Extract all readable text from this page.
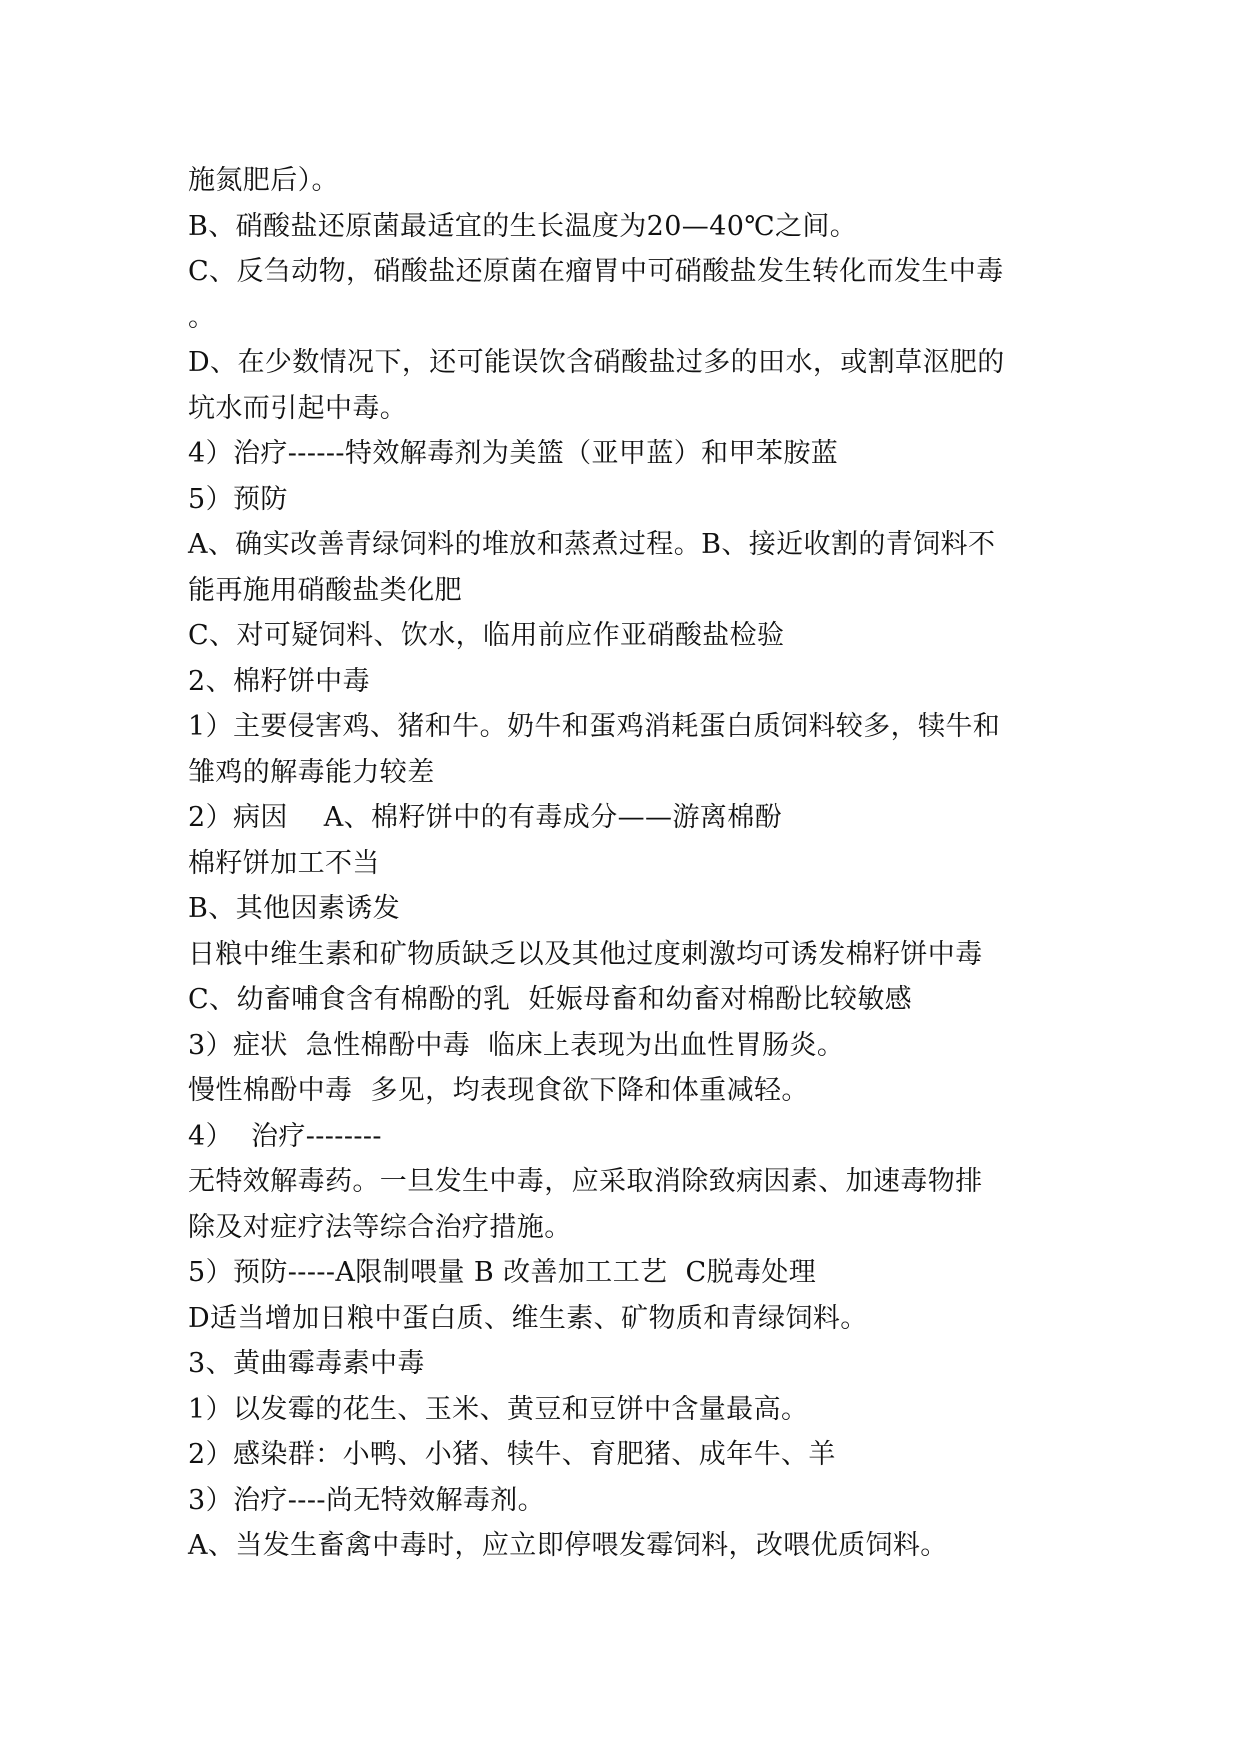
施氮肥后）。
B、硝酸盐还原菌最适宜的生长温度为20—40℃之间。
C、反刍动物，硝酸盐还原菌在瘤胃中可硝酸盐发生转化而发生中毒
。
D、在少数情况下，还可能误饮含硝酸盐过多的田水，或割草沤肥的
坑水而引起中毒。
4）治疗------特效解毒剂为美篮（亚甲蓝）和甲苯胺蓝
5）预防
A、确实改善青绿饲料的堆放和蒸煮过程。B、接近收割的青饲料不
能再施用硝酸盐类化肥
C、对可疑饲料、饮水，临用前应作亚硝酸盐检验
2、棉籽饼中毒
1）主要侵害鸡、猪和牛。奶牛和蛋鸡消耗蛋白质饲料较多，犊牛和
雏鸡的解毒能力较差
2）病因    A、棉籽饼中的有毒成分——游离棉酚
棉籽饼加工不当
B、其他因素诱发
日粮中维生素和矿物质缺乏以及其他过度刺激均可诱发棉籽饼中毒
C、幼畜哺食含有棉酚的乳  妊娠母畜和幼畜对棉酚比较敏感
3）症状  急性棉酚中毒  临床上表现为出血性胃肠炎。
慢性棉酚中毒  多见，均表现食欲下降和体重减轻。
4）  治疗--------
无特效解毒药。一旦发生中毒，应采取消除致病因素、加速毒物排
除及对症疗法等综合治疗措施。
5）预防-----A限制喂量 B 改善加工工艺  C脱毒处理
D适当增加日粮中蛋白质、维生素、矿物质和青绿饲料。
3、黄曲霉毒素中毒
1）以发霉的花生、玉米、黄豆和豆饼中含量最高。
2）感染群：小鸭、小猪、犊牛、育肥猪、成年牛、羊
3）治疗----尚无特效解毒剂。
A、当发生畜禽中毒时，应立即停喂发霉饲料，改喂优质饲料。
